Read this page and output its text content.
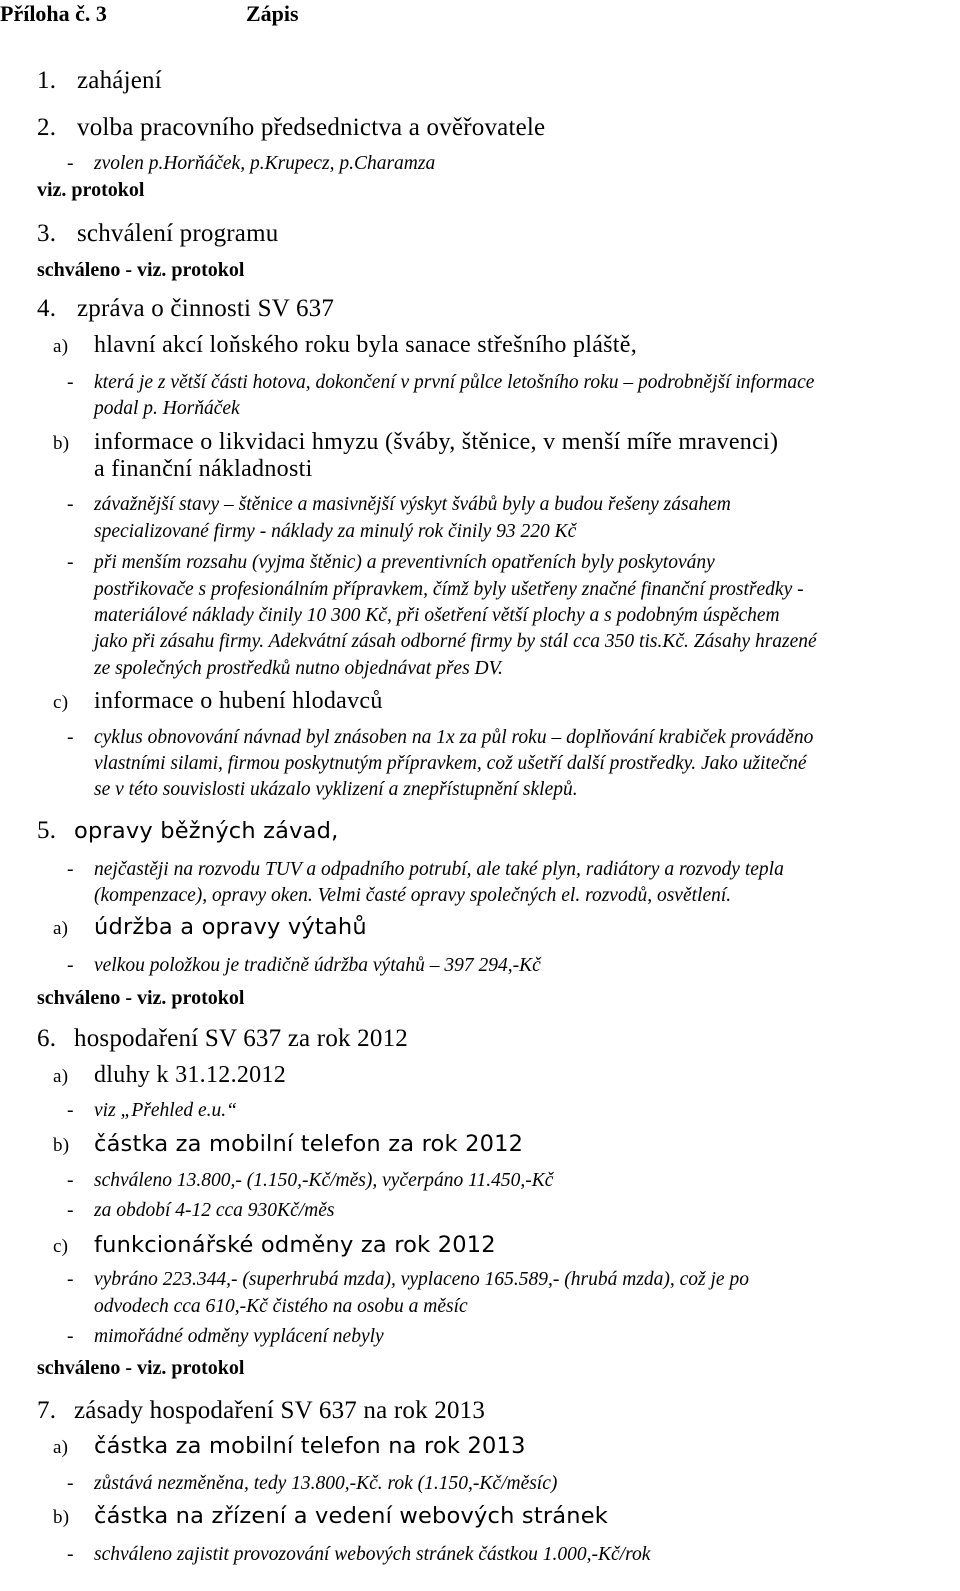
Příloha č. 3	Zápis
1. zahájení
2. volba pracovního předsednictva a ověřovatele
- zvolen p.Horňáček, p.Krupecz, p.Charamza
viz. protokol
3. schválení programu
schváleno - viz. protokol
4. zpráva o činnosti SV 637
a) hlavní akcí loňského roku byla sanace střešního pláště,
- která je z větší části hotova, dokončení v první půlce letošního roku – podrobnější informace
podal p. Horňáček
b) informace o likvidaci hmyzu (šváby, štěnice, v menší míře mravenci)
a finanční nákladnosti
- závažnější stavy – štěnice a masivnější výskyt švábů byly a budou řešeny zásahem
specializované firmy - náklady za minulý rok činily 93 220 Kč
- při menším rozsahu (vyjma štěnic) a preventivních opatřeních byly poskytovány
postřikovače s profesionálním přípravkem, čímž byly ušetřeny značné finanční prostředky -
materiálové náklady činily 10 300 Kč, při ošetření větší plochy a s podobným úspěchem
jako při zásahu firmy. Adekvátní zásah odborné firmy by stál cca 350 tis.Kč. Zásahy hrazené
ze společných prostředků nutno objednávat přes DV.
c) informace o hubení hlodavců
- cyklus obnovování návnad byl znásoben na 1x za půl roku – doplňování krabiček prováděno
vlastními silami, firmou poskytnutým přípravkem, což ušetří další prostředky. Jako užitečné
se v této souvislosti ukázalo vyklizení a znepřístupnění sklepů.
5. opravy běžných závad,
- nejčastěji na rozvodu TUV a odpadního potrubí, ale také plyn, radiátory a rozvody tepla
(kompenzace), opravy oken. Velmi časté opravy společných el. rozvodů, osvětlení.
a) údržba a opravy výtahů
- velkou položkou je tradičně údržba výtahů – 397 294,-Kč
schváleno - viz. protokol
6. hospodaření SV 637 za rok 2012
a) dluhy k 31.12.2012
- viz „Přehled e.u.“
b) částka za mobilní telefon za rok 2012
- schváleno 13.800,- (1.150,-Kč/měs), vyčerpáno 11.450,-Kč
- za období 4-12 cca 930Kč/měs
c) funkcionářské odměny za rok 2012
- vybráno 223.344,- (superhrubá mzda), vyplaceno 165.589,- (hrubá mzda), což je po
odvodech cca 610,-Kč čistého na osobu a měsíc
- mimořádné odměny vyplácení nebyly
schváleno - viz. protokol
7. zásady hospodaření SV 637 na rok 2013
a) částka za mobilní telefon na rok 2013
- zůstává nezměněna, tedy 13.800,-Kč. rok (1.150,-Kč/měsíc)
b) částka na zřízení a vedení webových stránek
- schváleno zajistit provozování webových stránek částkou 1.000,-Kč/rok
